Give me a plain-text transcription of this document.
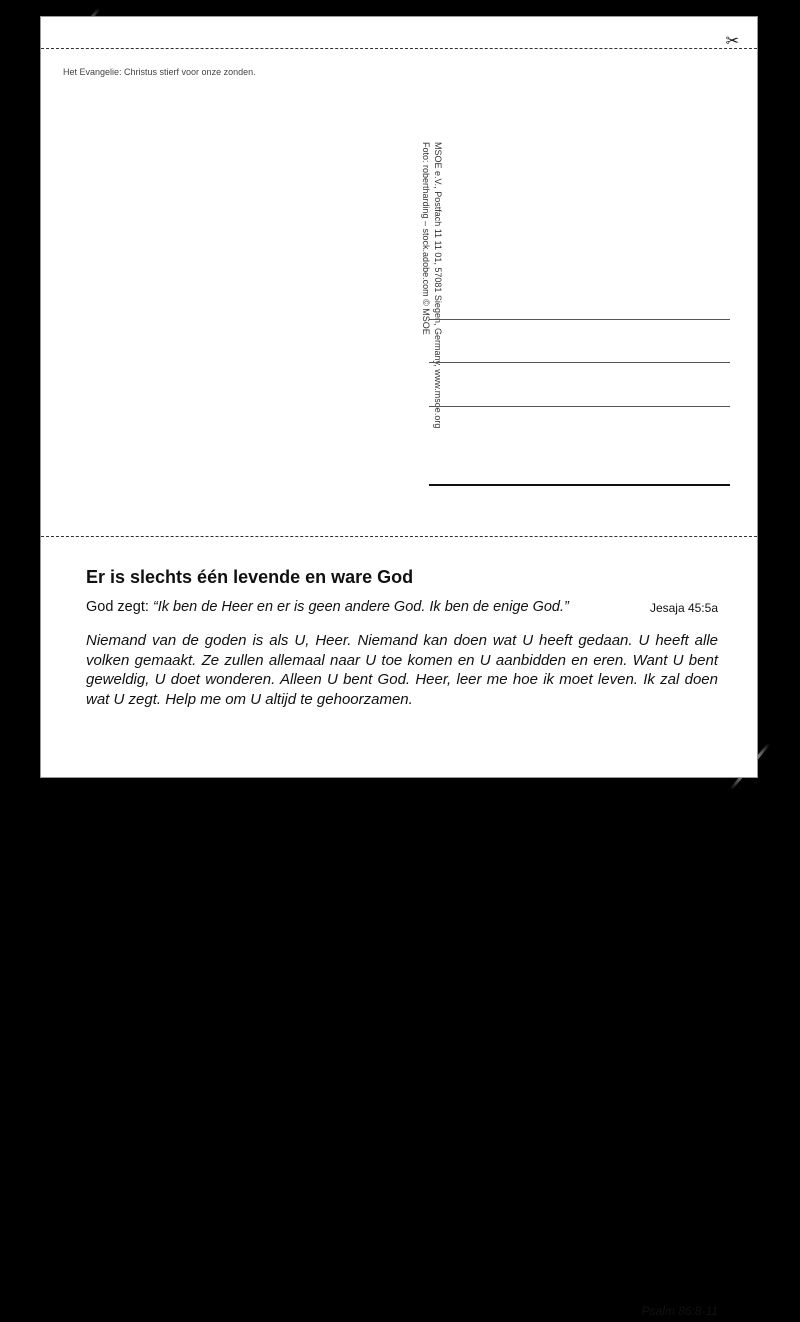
✂
Het Evangelie: Christus stierf voor onze zonden.
MSOE e.V., Postfach 11 11 01, 57081 Siegen, Germany, www.msoe.org
Foto: robertharding – stock.adobe.com © MSOE
Er is slechts één levende en ware God
God zegt: “Ik ben de Heer en er is geen andere God. Ik ben de enige God.”	Jesaja 45:5a
Niemand van de goden is als U, Heer. Niemand kan doen wat U heeft gedaan. U heeft alle volken gemaakt. Ze zullen allemaal naar U toe komen en U aanbidden en eren. Want U bent geweldig, U doet wonderen. Alleen U bent God. Heer, leer me hoe ik moet leven. Ik zal doen wat U zegt. Help me om U altijd te gehoorzamen.
Psalm 86:8-11
